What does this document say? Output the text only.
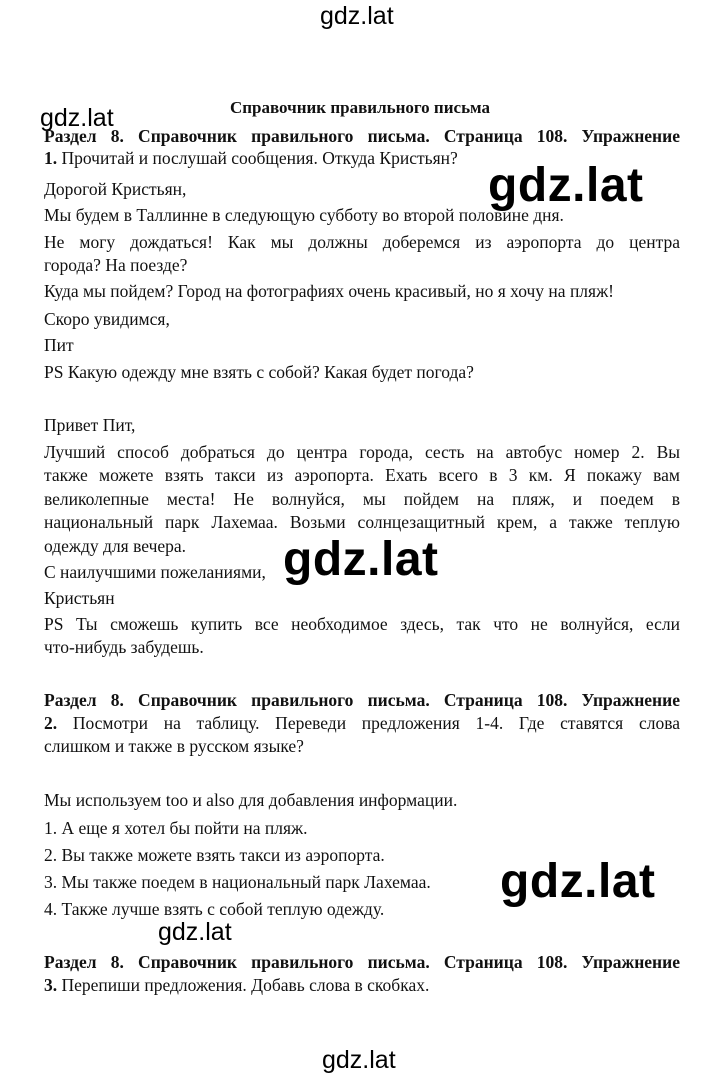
gdz.lat
gdz.lat
gdz.lat
gdz.lat
gdz.lat
gdz.lat
gdz.lat
Справочник правильного письма
Раздел 8. Справочник правильного письма. Страница 108. Упражнение
1. Прочитай и послушай сообщения. Откуда Кристьян?
Дорогой Кристьян,
Мы будем в Таллинне в следующую субботу во второй половине дня.
Не могу дождаться! Как мы должны доберемся из аэропорта до центра
города? На поезде?
Куда мы пойдем? Город на фотографиях очень красивый, но я хочу на пляж!
Скоро увидимся,
Пит
PS Какую одежду мне взять с собой? Какая будет погода?
Привет Пит,
Лучший способ добраться до центра города, сесть на автобус номер 2. Вы
также можете взять такси из аэропорта. Ехать всего в 3 км. Я покажу вам
великолепные места! Не волнуйся, мы пойдем на пляж, и поедем в
национальный парк Лахемаа. Возьми солнцезащитный крем, а также теплую
одежду для вечера.
С наилучшими пожеланиями,
Кристьян
PS Ты сможешь купить все необходимое здесь, так что не волнуйся, если
что-нибудь забудешь.
Раздел 8. Справочник правильного письма. Страница 108. Упражнение
2. Посмотри на таблицу. Переведи предложения 1-4. Где ставятся слова
слишком и также в русском языке?
Мы используем too и also для добавления информации.
1. А еще я хотел бы пойти на пляж.
2. Вы также можете взять такси из аэропорта.
3. Мы также поедем в национальный парк Лахемаа.
4. Также лучше взять с собой теплую одежду.
Раздел 8. Справочник правильного письма. Страница 108. Упражнение
3. Перепиши предложения. Добавь слова в скобках.
